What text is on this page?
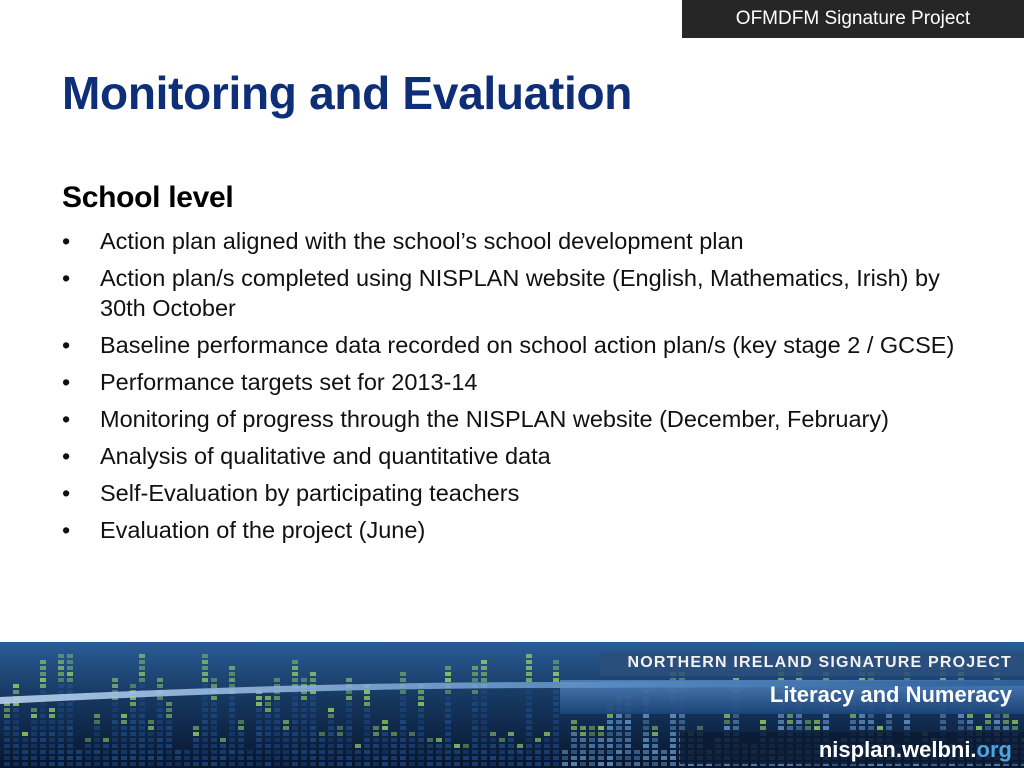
OFMDFM Signature Project
Monitoring and Evaluation
School level
• Action plan aligned with the school’s school development plan
• Action plan/s completed using NISPLAN website (English, Mathematics, Irish) by 30th October
• Baseline performance data recorded on school action plan/s (key stage 2 / GCSE)
• Performance targets set for 2013-14
• Monitoring of progress through the NISPLAN website (December, February)
• Analysis of qualitative and quantitative data
• Self-Evaluation by participating teachers
• Evaluation of the project (June)
NORTHERN IRELAND SIGNATURE PROJECT
Literacy and Numeracy
nisplan.welbni.org
